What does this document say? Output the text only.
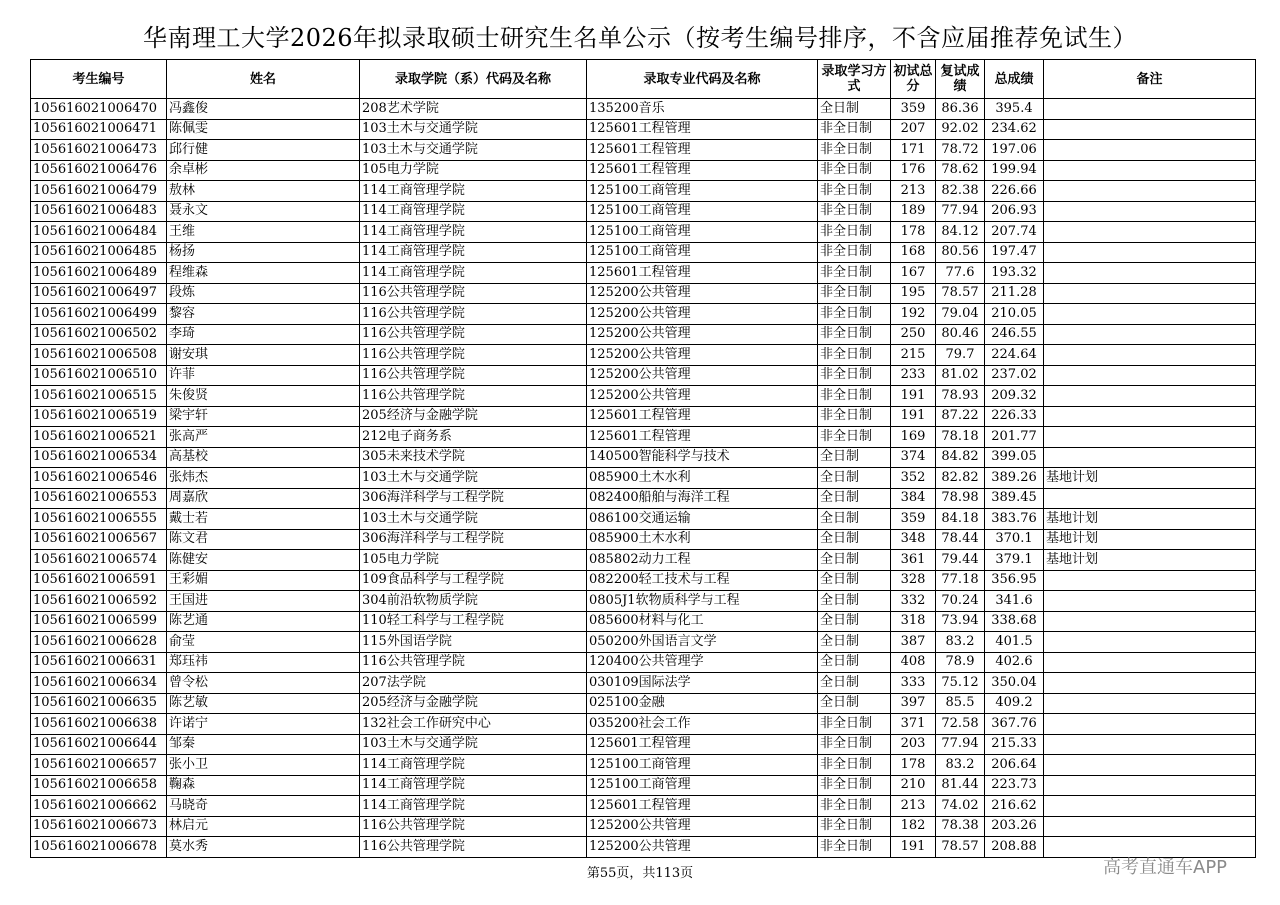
华南理工大学2026年拟录取硕士研究生名单公示（按考生编号排序，不含应届推荐免试生）
考生编号	姓名	录取学院（系）代码及名称	录取专业代码及名称	录取学习方式	初试总分	复试成绩	总成绩	备注
105616021006470	冯鑫俊	208艺术学院	135200音乐	全日制	359	86.36	395.4	
105616021006471	陈佩雯	103土木与交通学院	125601工程管理	非全日制	207	92.02	234.62	
105616021006473	邱行健	103土木与交通学院	125601工程管理	非全日制	171	78.72	197.06	
105616021006476	余卓彬	105电力学院	125601工程管理	非全日制	176	78.62	199.94	
105616021006479	敖林	114工商管理学院	125100工商管理	非全日制	213	82.38	226.66	
105616021006483	聂永文	114工商管理学院	125100工商管理	非全日制	189	77.94	206.93	
105616021006484	王维	114工商管理学院	125100工商管理	非全日制	178	84.12	207.74	
105616021006485	杨扬	114工商管理学院	125100工商管理	非全日制	168	80.56	197.47	
105616021006489	程维森	114工商管理学院	125601工程管理	非全日制	167	77.6	193.32	
105616021006497	段炼	116公共管理学院	125200公共管理	非全日制	195	78.57	211.28	
105616021006499	黎容	116公共管理学院	125200公共管理	非全日制	192	79.04	210.05	
105616021006502	李琦	116公共管理学院	125200公共管理	非全日制	250	80.46	246.55	
105616021006508	谢安琪	116公共管理学院	125200公共管理	非全日制	215	79.7	224.64	
105616021006510	许菲	116公共管理学院	125200公共管理	非全日制	233	81.02	237.02	
105616021006515	朱俊贤	116公共管理学院	125200公共管理	非全日制	191	78.93	209.32	
105616021006519	梁宇轩	205经济与金融学院	125601工程管理	非全日制	191	87.22	226.33	
105616021006521	张高严	212电子商务系	125601工程管理	非全日制	169	78.18	201.77	
105616021006534	高基校	305未来技术学院	140500智能科学与技术	全日制	374	84.82	399.05	
105616021006546	张炜杰	103土木与交通学院	085900土木水利	全日制	352	82.82	389.26	基地计划
105616021006553	周嘉欣	306海洋科学与工程学院	082400船舶与海洋工程	全日制	384	78.98	389.45	
105616021006555	戴士若	103土木与交通学院	086100交通运输	全日制	359	84.18	383.76	基地计划
105616021006567	陈文君	306海洋科学与工程学院	085900土木水利	全日制	348	78.44	370.1	基地计划
105616021006574	陈健安	105电力学院	085802动力工程	全日制	361	79.44	379.1	基地计划
105616021006591	王彩媚	109食品科学与工程学院	082200轻工技术与工程	全日制	328	77.18	356.95	
105616021006592	王国进	304前沿软物质学院	0805J1软物质科学与工程	全日制	332	70.24	341.6	
105616021006599	陈艺通	110轻工科学与工程学院	085600材料与化工	全日制	318	73.94	338.68	
105616021006628	俞莹	115外国语学院	050200外国语言文学	全日制	387	83.2	401.5	
105616021006631	郑珏祎	116公共管理学院	120400公共管理学	全日制	408	78.9	402.6	
105616021006634	曾令松	207法学院	030109国际法学	全日制	333	75.12	350.04	
105616021006635	陈艺敏	205经济与金融学院	025100金融	全日制	397	85.5	409.2	
105616021006638	许诺宁	132社会工作研究中心	035200社会工作	非全日制	371	72.58	367.76	
105616021006644	邹秦	103土木与交通学院	125601工程管理	非全日制	203	77.94	215.33	
105616021006657	张小卫	114工商管理学院	125100工商管理	非全日制	178	83.2	206.64	
105616021006658	鞠森	114工商管理学院	125100工商管理	非全日制	210	81.44	223.73	
105616021006662	马晓奇	114工商管理学院	125601工程管理	非全日制	213	74.02	216.62	
105616021006673	林启元	116公共管理学院	125200公共管理	非全日制	182	78.38	203.26	
105616021006678	莫水秀	116公共管理学院	125200公共管理	非全日制	191	78.57	208.88	
第55页，共113页	高考直通车APP
